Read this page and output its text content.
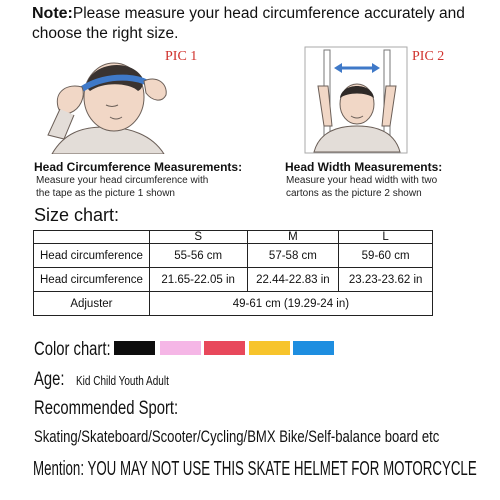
Note:Please measure your head circumference accurately and choose the right size.
PIC 1	PIC 2
Head Circumference Measurements:
Measure your head circumference with
the tape as the picture 1 shown
Head Width Measurements:
Measure your head width with two
cartons as the picture 2 shown
Size chart:
	S	M	L
Head circumference	55-56 cm	57-58 cm	59-60 cm
Head circumference	21.65-22.05 in	22.44-22.83 in	23.23-23.62 in
Adjuster	49-61 cm (19.29-24 in)		
Color chart:
Age: Kid Child Youth Adult
Recommended Sport:
Skating/Skateboard/Scooter/Cycling/BMX Bike/Self-balance board etc
Mention: YOU MAY NOT USE THIS SKATE HELMET FOR MOTORCYCLE
